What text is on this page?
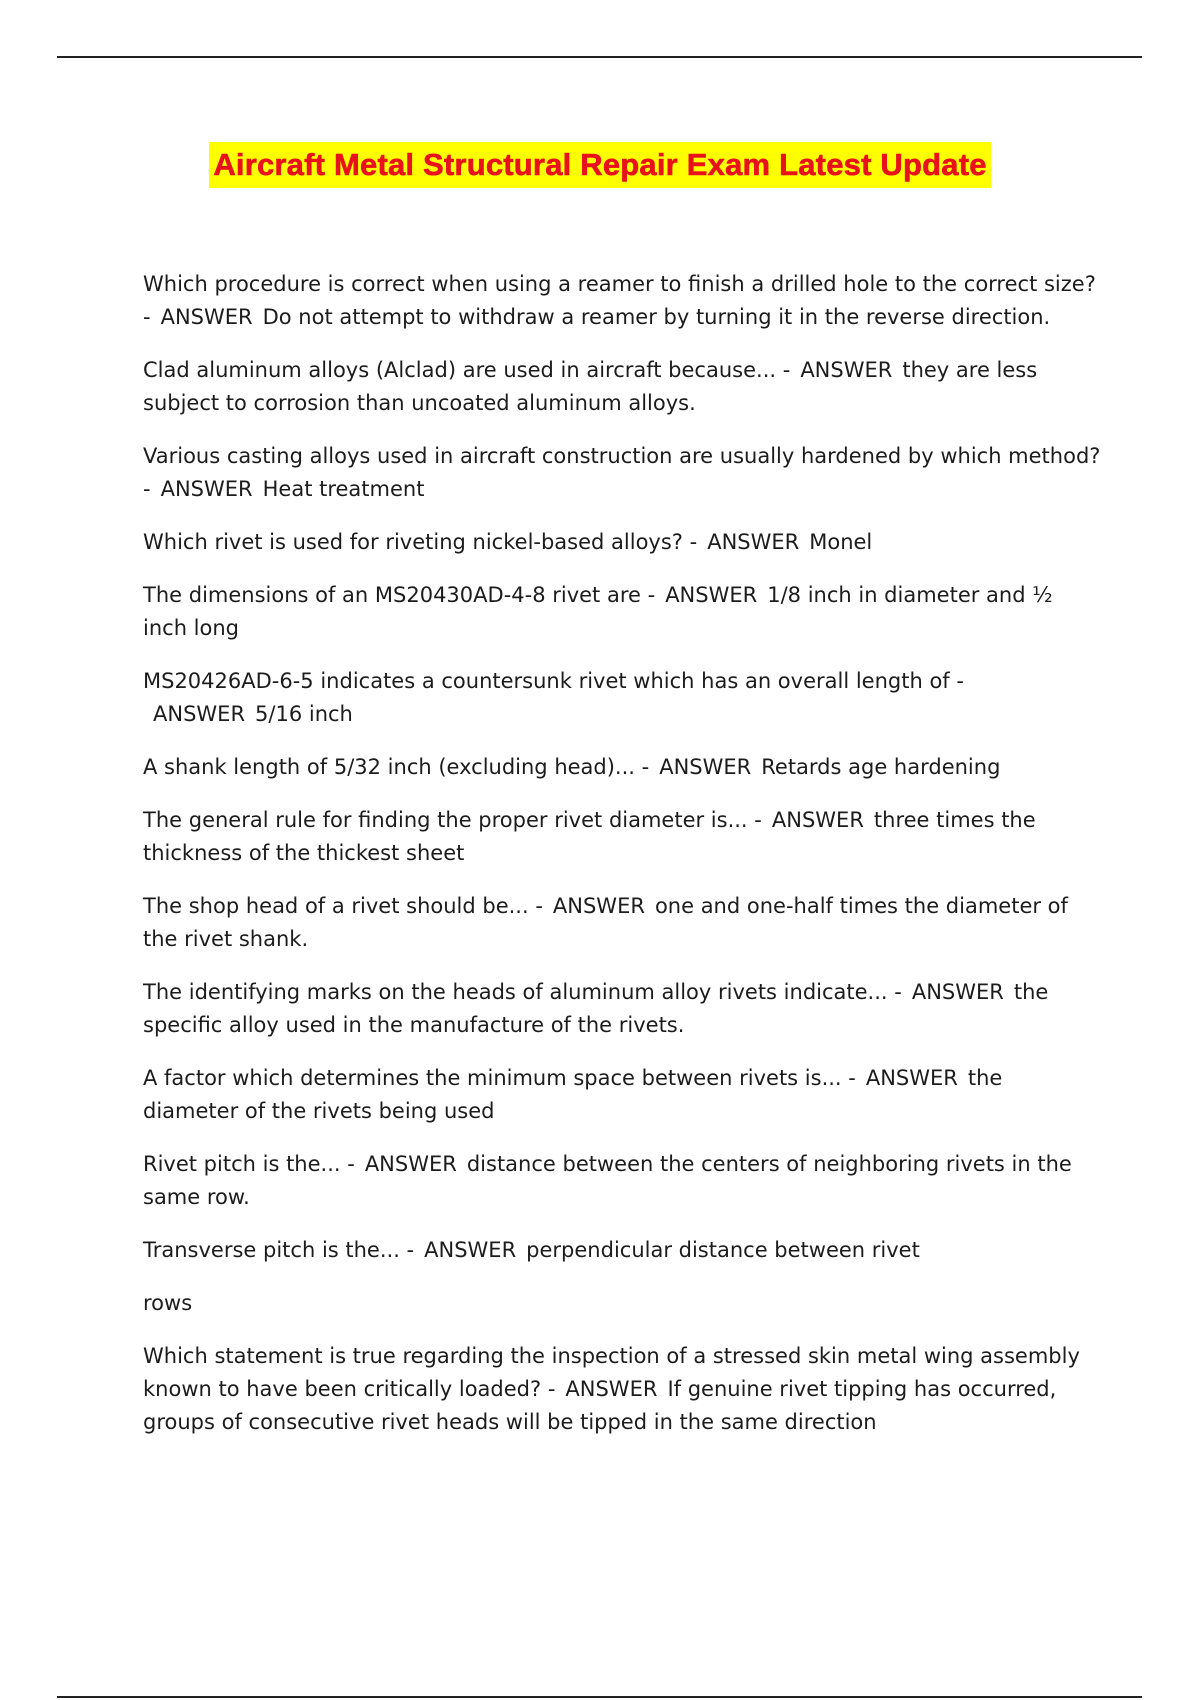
Aircraft Metal Structural Repair Exam Latest Update
Which procedure is correct when using a reamer to finish a drilled hole to the correct size? - ANSWER Do not attempt to withdraw a reamer by turning it in the reverse direction.
Clad aluminum alloys (Alclad) are used in aircraft because... - ANSWER they are less subject to corrosion than uncoated aluminum alloys.
Various casting alloys used in aircraft construction are usually hardened by which method? - ANSWER Heat treatment
Which rivet is used for riveting nickel-based alloys? - ANSWER Monel
The dimensions of an MS20430AD-4-8 rivet are - ANSWER 1/8 inch in diameter and ½ inch long
MS20426AD-6-5 indicates a countersunk rivet which has an overall length of -ANSWER 5/16 inch
A shank length of 5/32 inch (excluding head)... - ANSWER Retards age hardening
The general rule for finding the proper rivet diameter is... - ANSWER three times the thickness of the thickest sheet
The shop head of a rivet should be... - ANSWER one and one-half times the diameter of the rivet shank.
The identifying marks on the heads of aluminum alloy rivets indicate... - ANSWER the specific alloy used in the manufacture of the rivets.
A factor which determines the minimum space between rivets is... - ANSWER the diameter of the rivets being used
Rivet pitch is the... - ANSWER distance between the centers of neighboring rivets in the same row.
Transverse pitch is the... - ANSWER perpendicular distance between rivet
rows
Which statement is true regarding the inspection of a stressed skin metal wing assembly known to have been critically loaded? - ANSWER If genuine rivet tipping has occurred, groups of consecutive rivet heads will be tipped in the same direction
